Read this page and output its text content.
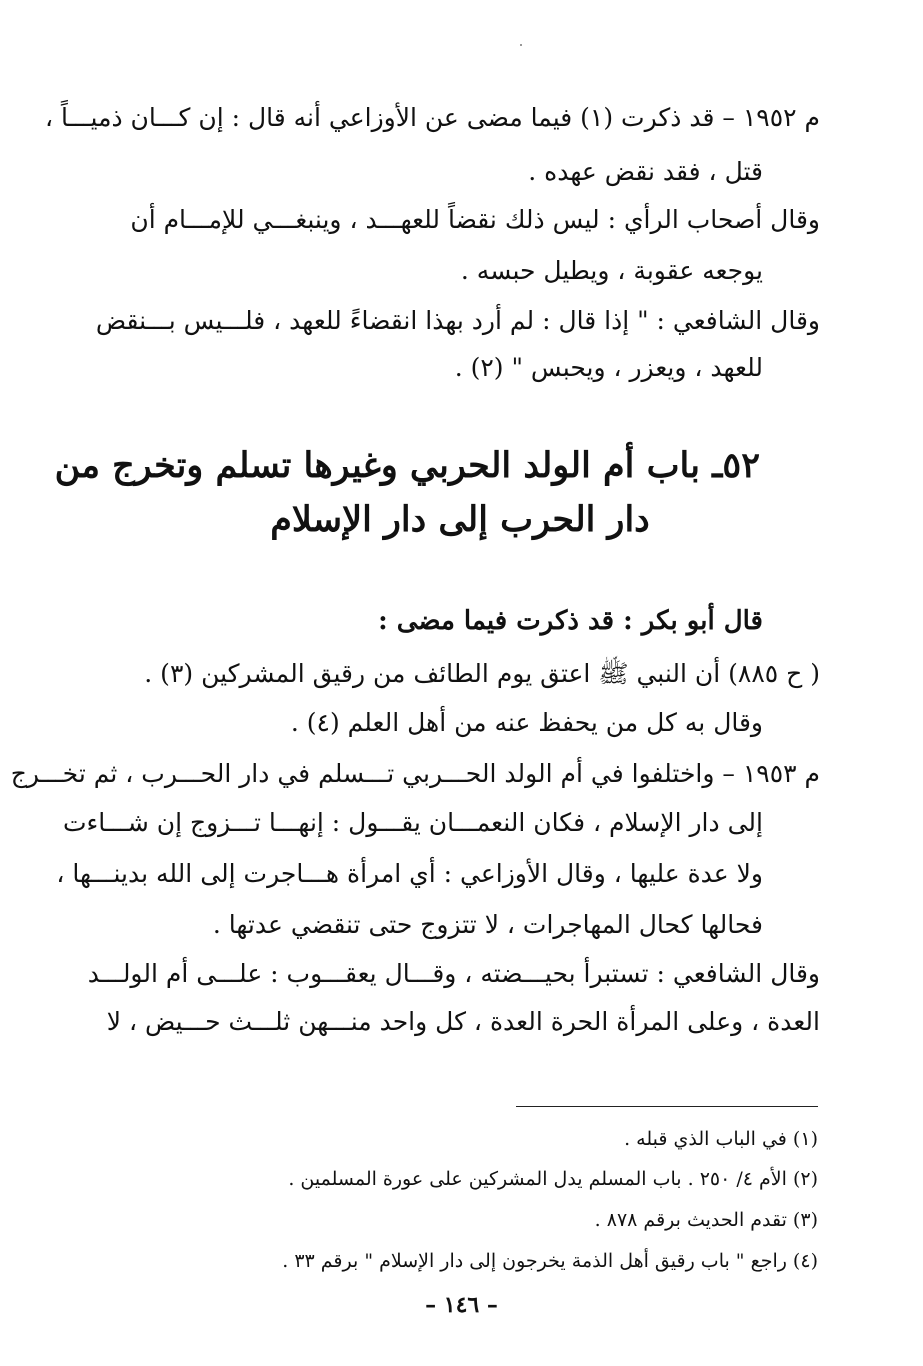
م ١٩٥٢ – قد ذكرت (١) فيما مضى عن الأوزاعي أنه قال : إن كـــان ذميـــاً ،
قتل ، فقد نقض عهده .
وقال أصحاب الرأي : ليس ذلك نقضاً للعهـــد ، وينبغـــي للإمـــام أن
يوجعه عقوبة ، ويطيل حبسه .
وقال الشافعي : " إذا قال : لم أرد بهذا انقضاءً للعهد ، فلـــيس بـــنقض
للعهد ، ويعزر ، ويحبس " (٢) .
٥٢ـ باب أم الولد الحربي وغيرها تسلم وتخرج من
دار الحرب إلى دار الإسلام
قال أبو بكر : قد ذكرت فيما مضى :
( ح ٨٨٥) أن النبي ﷺ اعتق يوم الطائف من رقيق المشركين (٣) .
وقال به كل من يحفظ عنه من أهل العلم (٤) .
م ١٩٥٣ – واختلفوا في أم الولد الحـــربي تـــسلم في دار الحـــرب ، ثم تخـــرج
إلى دار الإسلام ، فكان النعمـــان يقـــول : إنهـــا تـــزوج إن شـــاءت
ولا عدة عليها ، وقال الأوزاعي : أي امرأة هـــاجرت إلى الله بدينـــها ،
فحالها كحال المهاجرات ، لا تتزوج حتى تنقضي عدتها .
وقال الشافعي : تستبرأ بحيـــضته ، وقـــال يعقـــوب : علـــى أم الولـــد
العدة ، وعلى المرأة الحرة العدة ، كل واحد منـــهن ثلـــث حـــيض ، لا
(١) في الباب الذي قبله .
(٢) الأم ٤/ ٢٥٠ . باب المسلم يدل المشركين على عورة المسلمين .
(٣) تقدم الحديث برقم ٨٧٨ .
(٤) راجع " باب رقيق أهل الذمة يخرجون إلى دار الإسلام " برقم ٣٣ .
– ١٤٦ –
